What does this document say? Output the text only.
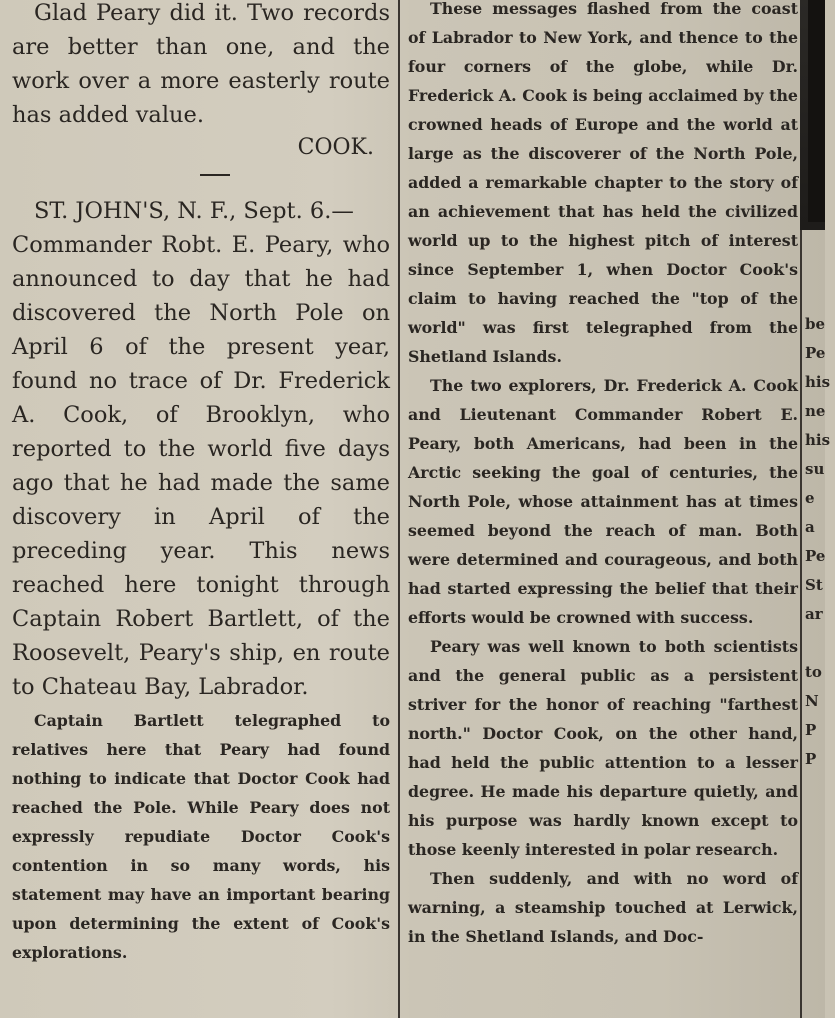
Glad Peary did it. Two records are better than one, and the work over a more easterly route has added value.

COOK.

ST. JOHN'S, N. F., Sept. 6.—

Commander Robt. E. Peary, who announced to day that he had discovered the North Pole on April 6 of the present year, found no trace of Dr. Frederick A. Cook, of Brooklyn, who reported to the world five days ago that he had made the same discovery in April of the preceding year. This news reached here tonight through Captain Robert Bartlett, of the Roosevelt, Peary's ship, en route to Chateau Bay, Labrador.

Captain Bartlett telegraphed to relatives here that Peary had found nothing to indicate that Doctor Cook had reached the Pole. While Peary does not expressly repudiate Doctor Cook's contention in so many words, his statement may have an important bearing upon determining the extent of Cook's explorations.

These messages flashed from the coast of Labrador to New York, and thence to the four corners of the globe, while Dr. Frederick A. Cook is being acclaimed by the crowned heads of Europe and the world at large as the discoverer of the North Pole, added a remarkable chapter to the story of an achievement that has held the civilized world up to the highest pitch of interest since September 1, when Doctor Cook's claim to having reached the "top of the world" was first telegraphed from the Shetland Islands.

The two explorers, Dr. Frederick A. Cook and Lieutenant Commander Robert E. Peary, both Americans, had been in the Arctic seeking the goal of centuries, the North Pole, whose attainment has at times seemed beyond the reach of man. Both were determined and courageous, and both had started expressing the belief that their efforts would be crowned with success.

Peary was well known to both scientists and the general public as a persistent striver for the honor of reaching "farthest north." Doctor Cook, on the other hand, had held the public attention to a lesser degree. He made his departure quietly, and his purpose was hardly known except to those keenly interested in polar research.

Then suddenly, and with no word of warning, a steamship touched at Lerwick, in the Shetland Islands, and Doc-

be
Pe
his
ne
his
su
e
a
Pe
St
ar

to
N
P
P
